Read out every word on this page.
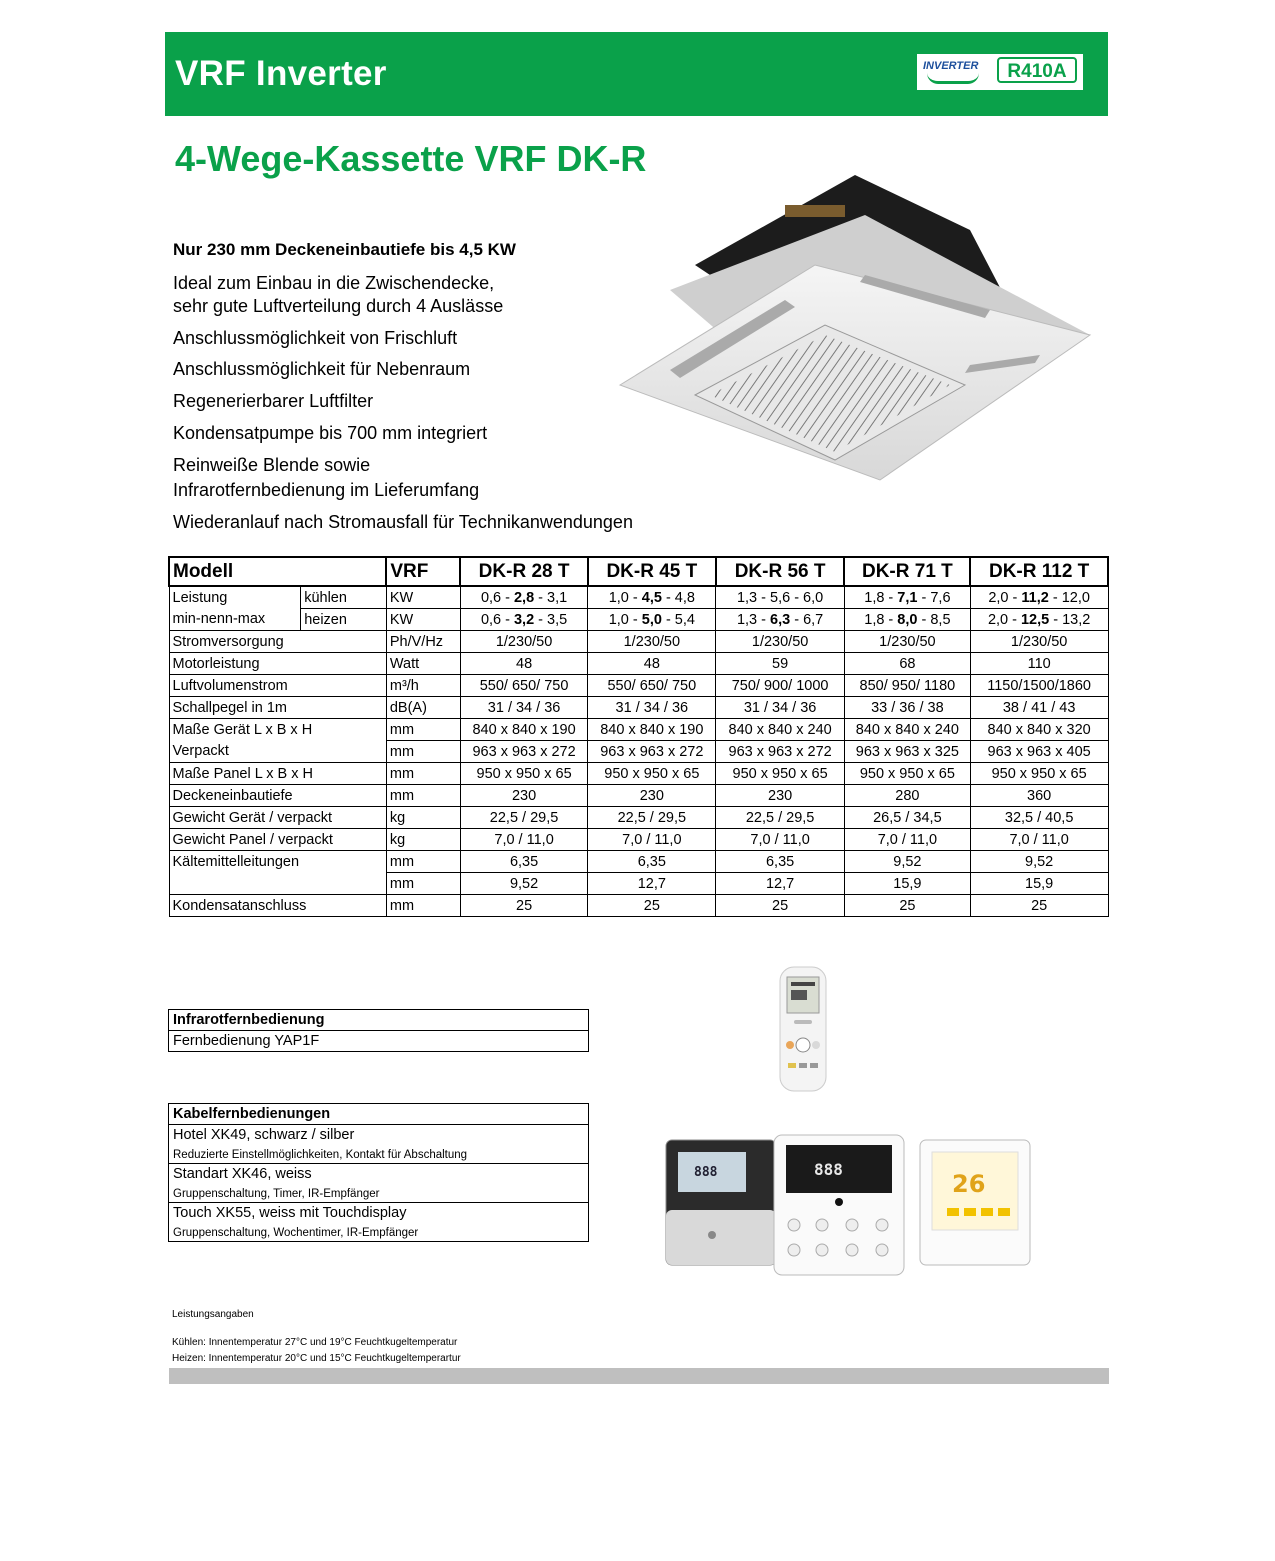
VRF Inverter	INVERTER	R410A
4-Wege-Kassette VRF DK-R
Nur 230 mm Deckeneinbautiefe bis 4,5 KW
Ideal zum Einbau in die Zwischendecke,
sehr gute Luftverteilung durch 4 Auslässe
Anschlussmöglichkeit von Frischluft
Anschlussmöglichkeit für Nebenraum
Regenerierbarer Luftfilter
Kondensatpumpe bis 700 mm integriert
Reinweiße Blende sowie
Infrarotfernbedienung im Lieferumfang
Wiederanlauf nach Stromausfall für Technikanwendungen
Modell		VRF	DK-R 28 T	DK-R 45 T	DK-R 56 T	DK-R 71 T	DK-R 112 T
Leistung	kühlen	KW	0,6 - 2,8 - 3,1	1,0 - 4,5 - 4,8	1,3 - 5,6 - 6,0	1,8 - 7,1 - 7,6	2,0 - 11,2 - 12,0
min-nenn-max	heizen	KW	0,6 - 3,2 - 3,5	1,0 - 5,0 - 5,4	1,3 - 6,3 - 6,7	1,8 - 8,0 - 8,5	2,0 - 12,5 - 13,2
Stromversorgung		Ph/V/Hz	1/230/50	1/230/50	1/230/50	1/230/50	1/230/50
Motorleistung		Watt	48	48	59	68	110
Luftvolumenstrom		m³/h	550/ 650/ 750	550/ 650/ 750	750/ 900/ 1000	850/ 950/ 1180	1150/1500/1860
Schallpegel in 1m		dB(A)	31 / 34 / 36	31 / 34 / 36	31 / 34 / 36	33 / 36 / 38	38 / 41 / 43
Maße Gerät L x B x H		mm	840 x 840 x 190	840 x 840 x 190	840 x 840 x 240	840 x 840 x 240	840 x 840 x 320
Verpackt		mm	963 x 963 x 272	963 x 963 x 272	963 x 963 x 272	963 x 963 x 325	963 x 963 x 405
Maße Panel L x B x H		mm	950 x 950 x 65	950 x 950 x 65	950 x 950 x 65	950 x 950 x 65	950 x 950 x 65
Deckeneinbautiefe		mm	230	230	230	280	360
Gewicht Gerät / verpackt		kg	22,5 / 29,5	22,5 / 29,5	22,5 / 29,5	26,5 / 34,5	32,5 / 40,5
Gewicht Panel / verpackt		kg	7,0 / 11,0	7,0 / 11,0	7,0 / 11,0	7,0 / 11,0	7,0 / 11,0
Kältemittelleitungen		mm	6,35	6,35	6,35	9,52	9,52
		mm	9,52	12,7	12,7	15,9	15,9
Kondensatanschluss		mm	25	25	25	25	25
Infrarotfernbedienung
Fernbedienung YAP1F

Kabelfernbedienungen

Hotel XK49, schwarz / silber
Reduzierte Einstellmöglichkeiten, Kontakt für Abschaltung

Standart XK46, weiss
Gruppenschaltung, Timer, IR-Empfänger

Touch XK55, weiss mit Touchdisplay
Gruppenschaltung, Wochentimer, IR-Empfänger
888	888
26
Leistungsangaben
Kühlen: Innentemperatur 27°C und 19°C Feuchtkugeltemperatur
Heizen: Innentemperatur 20°C und 15°C Feuchtkugeltemperartur
